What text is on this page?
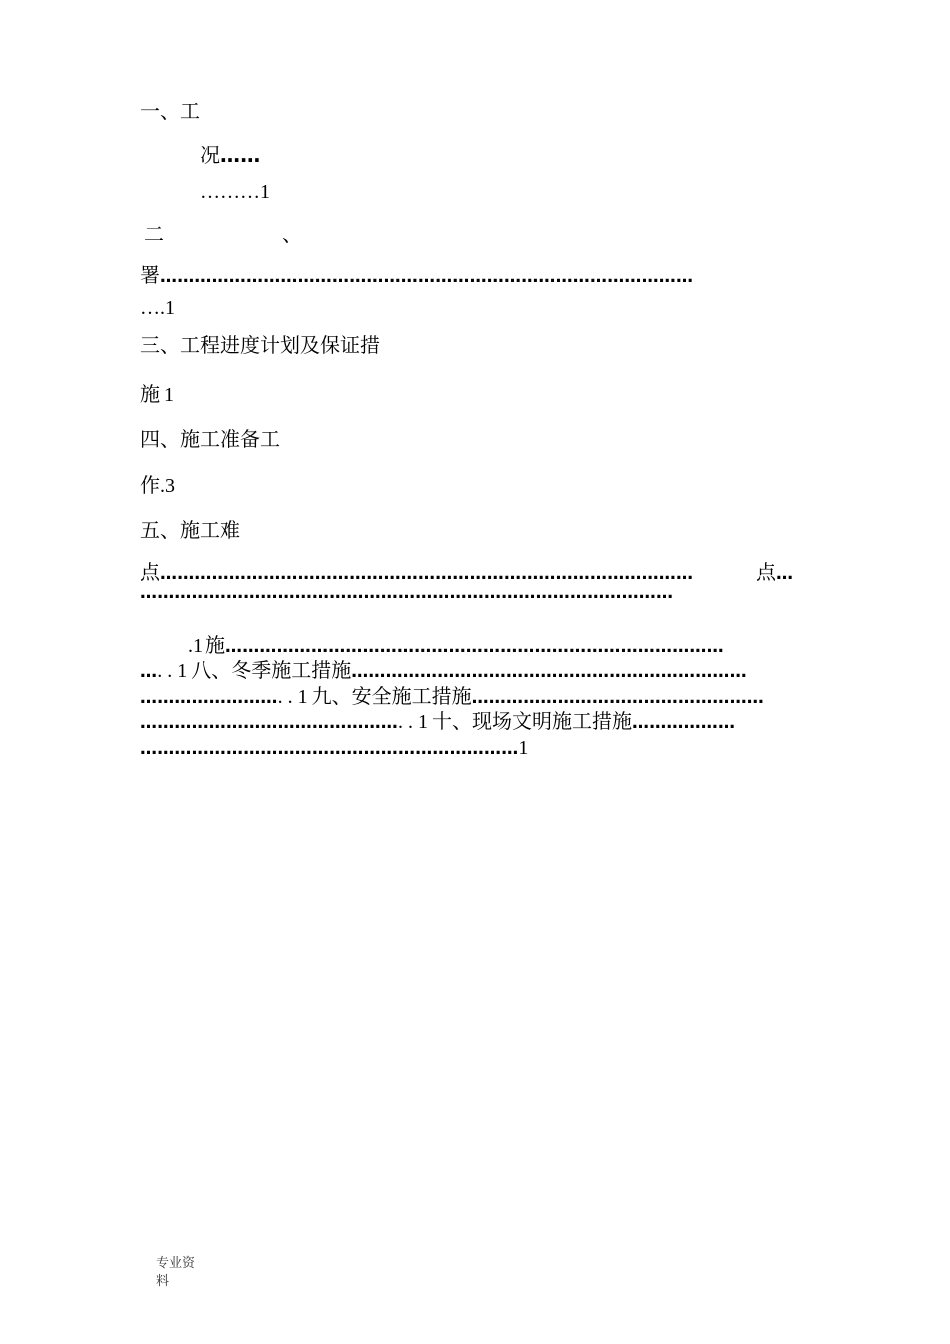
一、工
况……
………1
二	、
署…………………………………………………………………………………
….1
三、工程进度计划及保证措
施 1
四、施工准备工
作.3
五、施工难
点…………………………………………………………………………………	点…
…………………………………………………………………………………
.1 施……………………………………………………………………………
…. . 1 八、冬季施工措施……………………………………………………………
……………………. . 1 九、安全施工措施……………………………………………
………………………………………. . 1 十、现场文明施工措施………………
…………………………………………………………1
专业资
料
